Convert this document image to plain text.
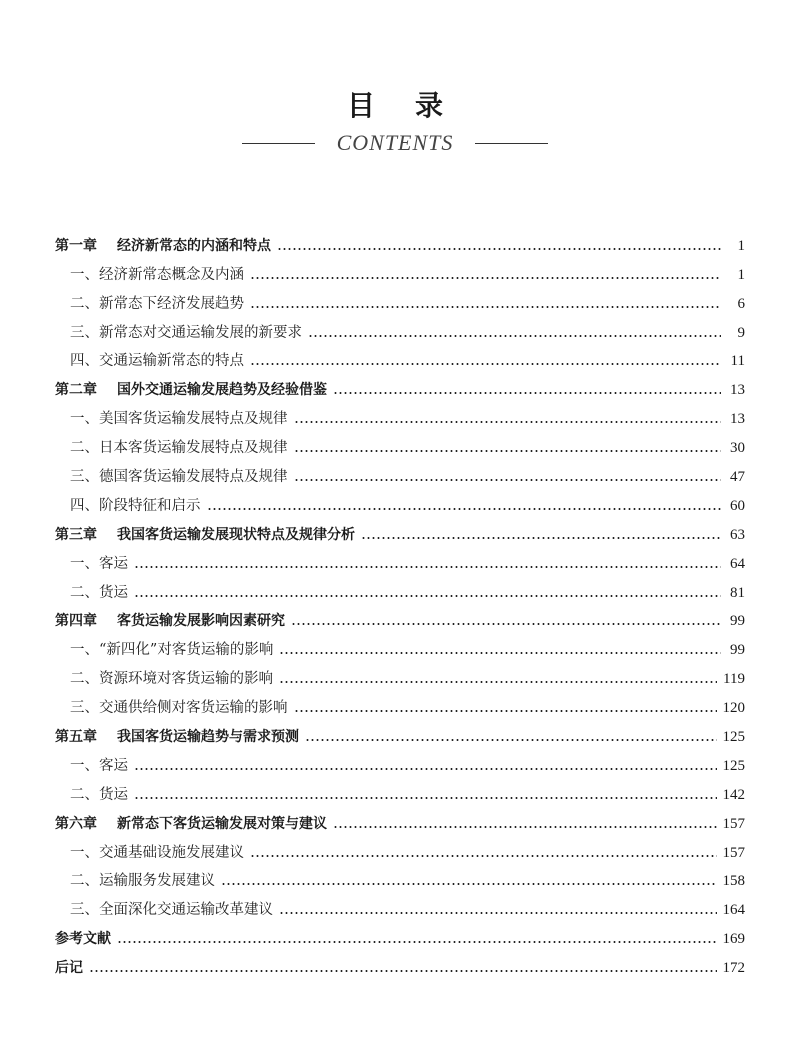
目录
CONTENTS
第一章 经济新常态的内涵和特点	1
一、经济新常态概念及内涵	1
二、新常态下经济发展趋势	6
三、新常态对交通运输发展的新要求	9
四、交通运输新常态的特点	11
第二章 国外交通运输发展趋势及经验借鉴	13
一、美国客货运输发展特点及规律	13
二、日本客货运输发展特点及规律	30
三、德国客货运输发展特点及规律	47
四、阶段特征和启示	60
第三章 我国客货运输发展现状特点及规律分析	63
一、客运	64
二、货运	81
第四章 客货运输发展影响因素研究	99
一、“新四化”对客货运输的影响	99
二、资源环境对客货运输的影响	119
三、交通供给侧对客货运输的影响	120
第五章 我国客货运输趋势与需求预测	125
一、客运	125
二、货运	142
第六章 新常态下客货运输发展对策与建议	157
一、交通基础设施发展建议	157
二、运输服务发展建议	158
三、全面深化交通运输改革建议	164
参考文献	169
后记	172
